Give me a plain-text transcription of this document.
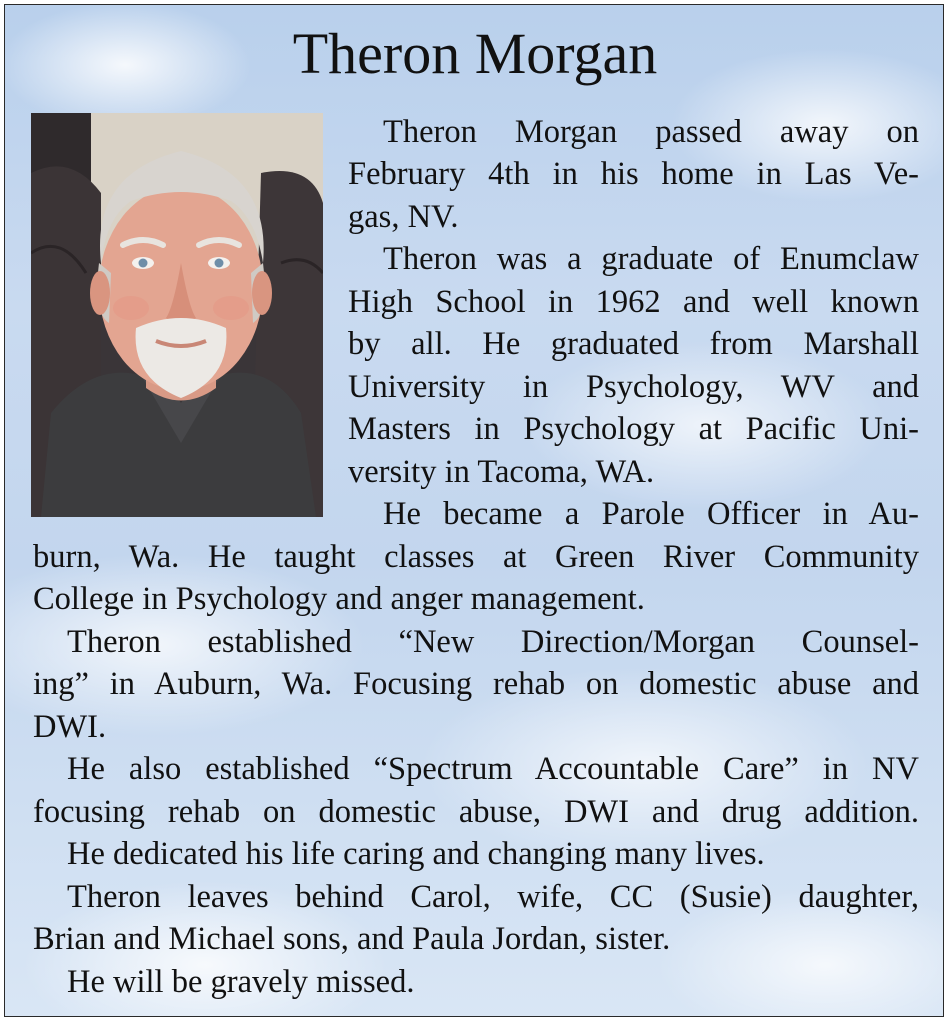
Theron Morgan
Theron Morgan passed away on
February 4th in his home in Las Ve-
gas, NV.
Theron was a graduate of Enumclaw
High School in 1962 and well known
by all. He graduated from Marshall
University in Psychology, WV and
Masters in Psychology at Pacific Uni-
versity in Tacoma, WA.
He became a Parole Officer in Au-
burn, Wa. He taught classes at Green River Community
College in Psychology and anger management.
Theron established “New Direction/Morgan Counsel-
ing” in Auburn, Wa. Focusing rehab on domestic abuse and
DWI.
He also established “Spectrum Accountable Care” in NV
focusing rehab on domestic abuse, DWI and drug addition.
He dedicated his life caring and changing many lives.
Theron leaves behind Carol, wife, CC (Susie) daughter,
Brian and Michael sons, and Paula Jordan, sister.
He will be gravely missed.
